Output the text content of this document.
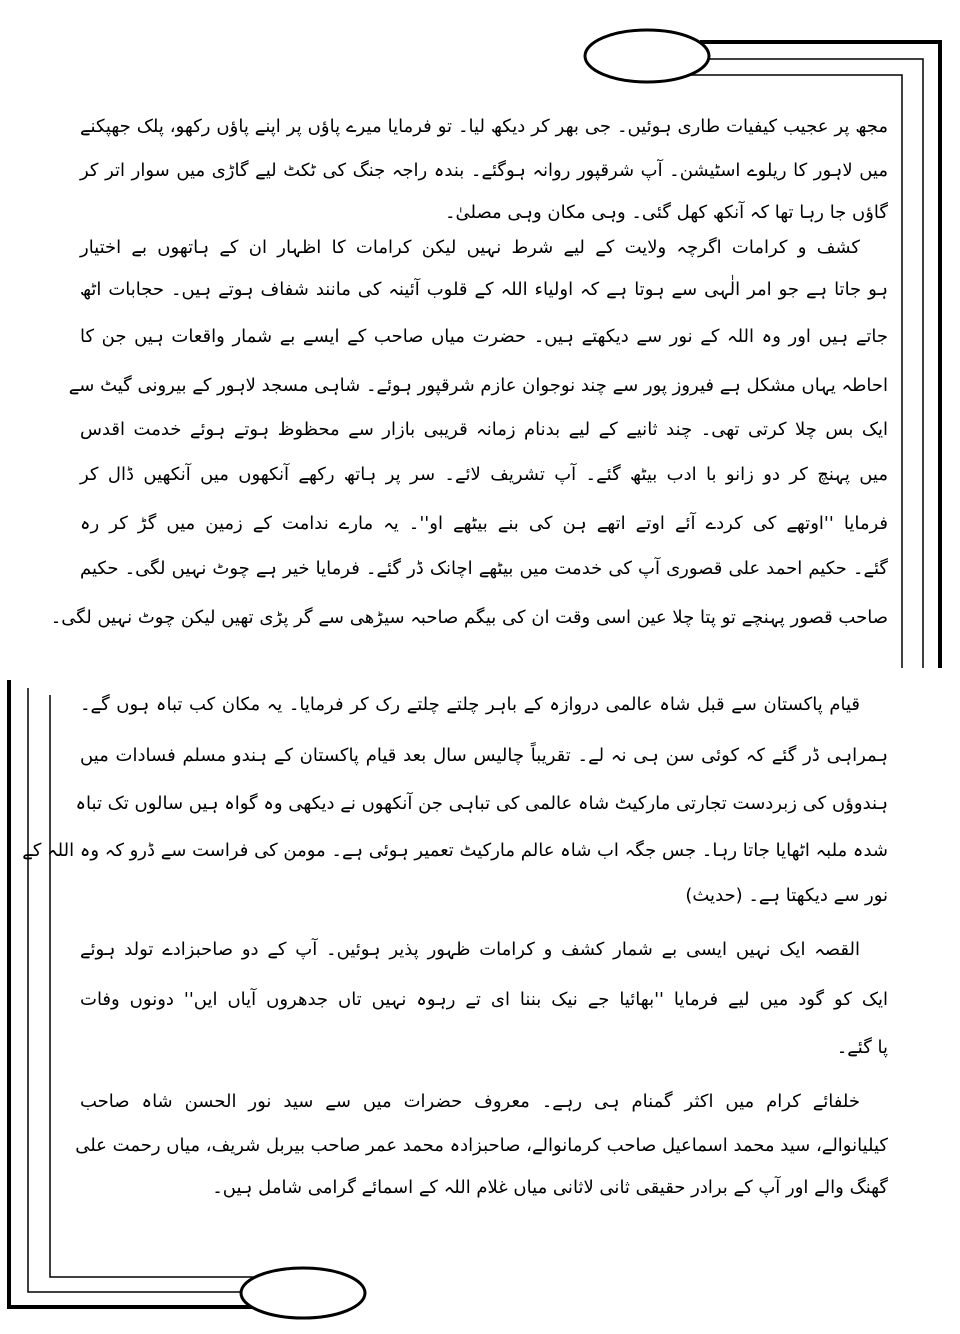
مجھ پر عجیب کیفیات طاری ہوئیں۔ جی بھر کر دیکھ لیا۔ تو فرمایا میرے پاؤں پر اپنے پاؤں رکھو، پلک جھپکنے
میں لاہور کا ریلوے اسٹیشن۔ آپ شرقپور روانہ ہوگئے۔ بندہ راجہ جنگ کی ٹکٹ لیے گاڑی میں سوار اتر کر
گاؤں جا رہا تھا کہ آنکھ کھل گئی۔ وہی مکان وہی مصلیٰ۔
کشف و کرامات اگرچہ ولایت کے لیے شرط نہیں لیکن کرامات کا اظہار ان کے ہاتھوں بے اختیار
ہو جاتا ہے جو امر الٰہی سے ہوتا ہے کہ اولیاء اللہ کے قلوب آئینہ کی مانند شفاف ہوتے ہیں۔ حجابات اٹھ
جاتے ہیں اور وہ اللہ کے نور سے دیکھتے ہیں۔ حضرت میاں صاحب کے ایسے بے شمار واقعات ہیں جن کا
احاطہ یہاں مشکل ہے فیروز پور سے چند نوجوان عازم شرقپور ہوئے۔ شاہی مسجد لاہور کے بیرونی گیٹ سے
ایک بس چلا کرتی تھی۔ چند ثانیے کے لیے بدنام زمانہ قریبی بازار سے محظوظ ہوتے ہوئے خدمت اقدس
میں پہنچ کر دو زانو با ادب بیٹھ گئے۔ آپ تشریف لائے۔ سر پر ہاتھ رکھے آنکھوں میں آنکھیں ڈال کر
فرمایا ''اوتھے کی کردے آئے اوتے اتھے ہن کی بنے بیٹھے او''۔ یہ مارے ندامت کے زمین میں گڑ کر رہ
گئے۔ حکیم احمد علی قصوری آپ کی خدمت میں بیٹھے اچانک ڈر گئے۔ فرمایا خیر ہے چوٹ نہیں لگی۔ حکیم
صاحب قصور پہنچے تو پتا چلا عین اسی وقت ان کی بیگم صاحبہ سیڑھی سے گر پڑی تھیں لیکن چوٹ نہیں لگی۔
قیام پاکستان سے قبل شاہ عالمی دروازہ کے باہر چلتے چلتے رک کر فرمایا۔ یہ مکان کب تباہ ہوں گے۔
ہمراہی ڈر گئے کہ کوئی سن ہی نہ لے۔ تقریباً چالیس سال بعد قیام پاکستان کے ہندو مسلم فسادات میں
ہندوؤں کی زبردست تجارتی مارکیٹ شاہ عالمی کی تباہی جن آنکھوں نے دیکھی وہ گواہ ہیں سالوں تک تباہ
شدہ ملبہ اٹھایا جاتا رہا۔ جس جگہ اب شاہ عالم مارکیٹ تعمیر ہوئی ہے۔ مومن کی فراست سے ڈرو کہ وہ اللہ کے
نور سے دیکھتا ہے۔ (حدیث)
القصہ ایک نہیں ایسی بے شمار کشف و کرامات ظہور پذیر ہوئیں۔ آپ کے دو صاحبزادے تولد ہوئے
ایک کو گود میں لیے فرمایا ''بھائیا جے نیک بننا ای تے رہوہ نہیں تاں جدھروں آیاں ایں'' دونوں وفات
پا گئے۔
خلفائے کرام میں اکثر گمنام ہی رہے۔ معروف حضرات میں سے سید نور الحسن شاہ صاحب
کیلیانوالے، سید محمد اسماعیل صاحب کرمانوالے، صاحبزادہ محمد عمر صاحب بیربل شریف، میاں رحمت علی
گھنگ والے اور آپ کے برادر حقیقی ثانی لاثانی میاں غلام اللہ کے اسمائے گرامی شامل ہیں۔
